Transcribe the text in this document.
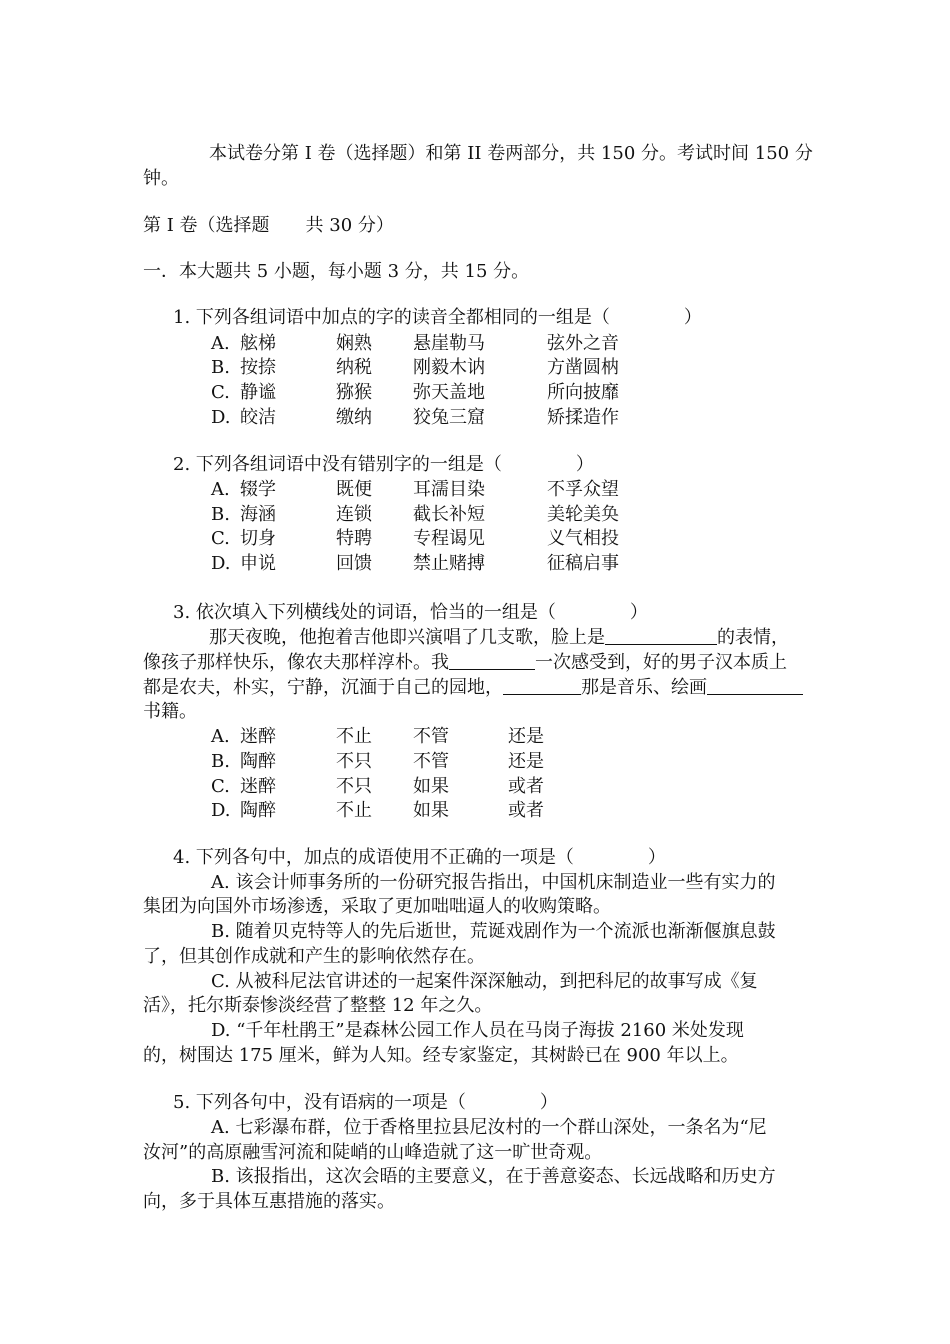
本试卷分第 I 卷（选择题）和第 II 卷两部分，共 150 分。考试时间 150 分
钟。
第 I 卷（选择题　　共 30 分）
一．本大题共 5 小题，每小题 3 分，共 15 分。
1. 下列各组词语中加点的字的读音全都相同的一组是（	）
A. 舷梯	娴熟 悬崖勒马	弦外之音
B. 按捺	纳税 刚毅木讷	方凿圆枘
C. 静谧	猕猴 弥天盖地	所向披靡
D. 皎洁	缴纳 狡兔三窟	矫揉造作
2. 下列各组词语中没有错别字的一组是（	）
A. 辍学	既便 耳濡目染	不孚众望
B. 海涵	连锁 截长补短	美轮美奂
C. 切身	特聘 专程谒见	义气相投
D. 申说	回馈 禁止赌搏	征稿启事
3. 依次填入下列横线处的词语，恰当的一组是（	）
那天夜晚，他抱着吉他即兴演唱了几支歌，脸上是	的表情，
像孩子那样快乐，像农夫那样淳朴。我	一次感受到，好的男子汉本质上
都是农夫，朴实，宁静，沉湎于自己的园地，	那是音乐、绘画
书籍。
A. 迷醉	不止 不管	还是
B. 陶醉	不只 不管	还是
C. 迷醉	不只 如果	或者
D. 陶醉	不止 如果	或者
4. 下列各句中，加点的成语使用不正确的一项是（	）
A. 该会计师事务所的一份研究报告指出，中国机床制造业一些有实力的
集团为向国外市场渗透，采取了更加咄咄逼人的收购策略。
B. 随着贝克特等人的先后逝世，荒诞戏剧作为一个流派也渐渐偃旗息鼓
了，但其创作成就和产生的影响依然存在。
C. 从被科尼法官讲述的一起案件深深触动，到把科尼的故事写成《复
活》，托尔斯泰惨淡经营了整整 12 年之久。
D. “千年杜鹃王”是森林公园工作人员在马岗子海拔 2160 米处发现
的，树围达 175 厘米，鲜为人知。经专家鉴定，其树龄已在 900 年以上。
5. 下列各句中，没有语病的一项是（	）
A. 七彩瀑布群，位于香格里拉县尼汝村的一个群山深处，一条名为“尼
汝河”的高原融雪河流和陡峭的山峰造就了这一旷世奇观。
B. 该报指出，这次会晤的主要意义，在于善意姿态、长远战略和历史方
向，多于具体互惠措施的落实。
